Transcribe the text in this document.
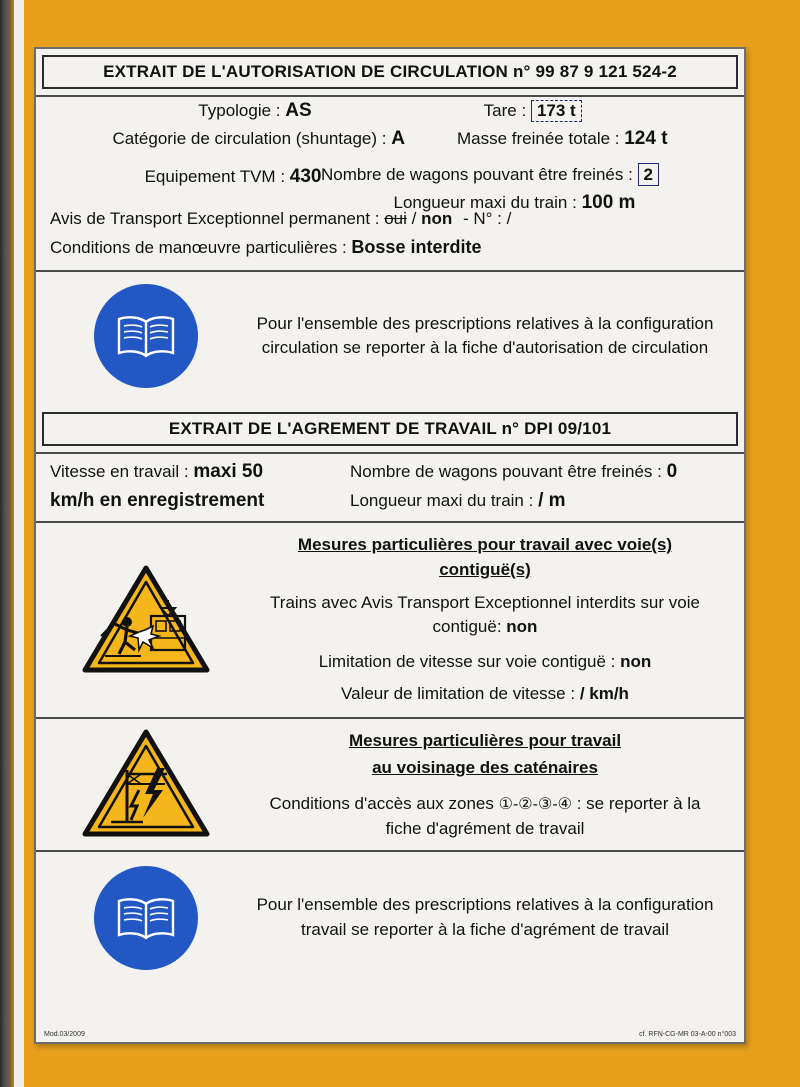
EXTRAIT DE L'AUTORISATION DE CIRCULATION n° 99 87 9 121 524-2
Typologie : AS	Tare : 173 t
Catégorie de circulation (shuntage) : A	Masse freinée totale : 124 t
Nombre de wagons pouvant être freinés : 2
Equipement TVM : 430
Longueur maxi du train : 100 m
Avis de Transport Exceptionnel permanent : oui / non - N° : /
Conditions de manœuvre particulières : Bosse interdite
Pour l'ensemble des prescriptions relatives à la configuration circulation se reporter à la fiche d'autorisation de circulation
EXTRAIT DE L'AGREMENT DE TRAVAIL n° DPI 09/101
Vitesse en travail : maxi 50
km/h en enregistrement
Nombre de wagons pouvant être freinés : 0
Longueur maxi du train : / m
Mesures particulières pour travail avec voie(s) contiguë(s)
Trains avec Avis Transport Exceptionnel interdits sur voie contiguë: non
Limitation de vitesse sur voie contiguë : non
Valeur de limitation de vitesse : / km/h
Mesures particulières pour travail
au voisinage des caténaires
Conditions d'accès aux zones ①-②-③-④ : se reporter à la
fiche d'agrément de travail
Pour l'ensemble des prescriptions relatives à la configuration travail se reporter à la fiche d'agrément de travail
Mod.03/2009	cf. RFN-CG-MR 03-A-00 n°003
